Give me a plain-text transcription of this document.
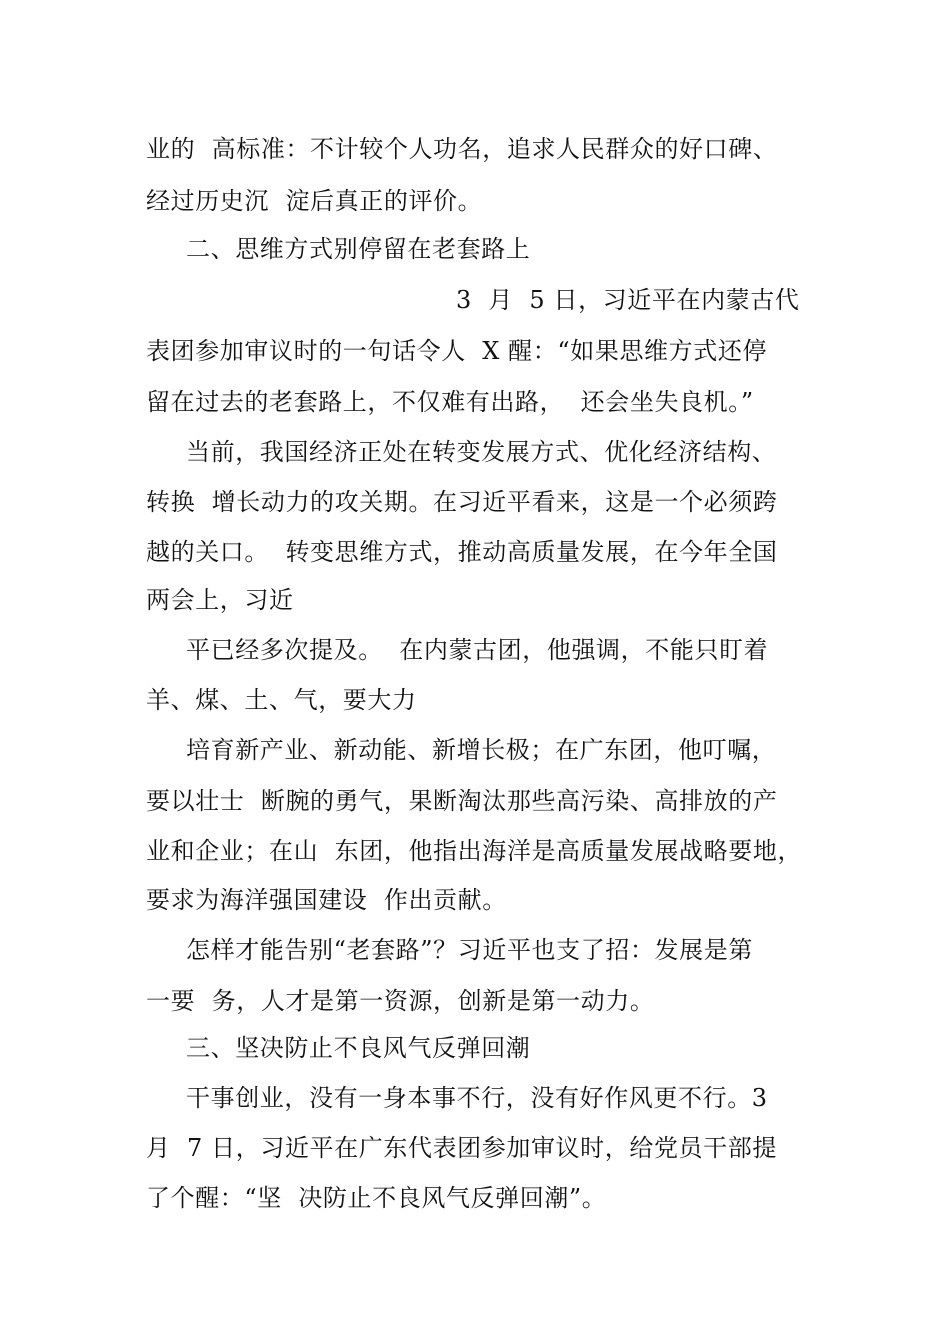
业的  高标准：不计较个人功名，追求人民群众的好口碑、
经过历史沉  淀后真正的评价。
二、思维方式别停留在老套路上
3  月  5 日，习近平在内蒙古代
表团参加审议时的一句话令人  X 醒：“如果思维方式还停
留在过去的老套路上，不仅难有出路，  还会坐失良机。”
当前，我国经济正处在转变发展方式、优化经济结构、
转换  增长动力的攻关期。在习近平看来，这是一个必须跨
越的关口。  转变思维方式，推动高质量发展，在今年全国
两会上，习近
平已经多次提及。  在内蒙古团，他强调，不能只盯着
羊、煤、土、气，要大力
培育新产业、新动能、新增长极；在广东团，他叮嘱，
要以壮士  断腕的勇气，果断淘汰那些高污染、高排放的产
业和企业；在山  东团，他指出海洋是高质量发展战略要地，
要求为海洋强国建设  作出贡献。
怎样才能告别“老套路”？习近平也支了招：发展是第
一要  务，人才是第一资源，创新是第一动力。
三、坚决防止不良风气反弹回潮
干事创业，没有一身本事不行，没有好作风更不行。3
月  7 日，习近平在广东代表团参加审议时，给党员干部提
了个醒：“坚  决防止不良风气反弹回潮”。
